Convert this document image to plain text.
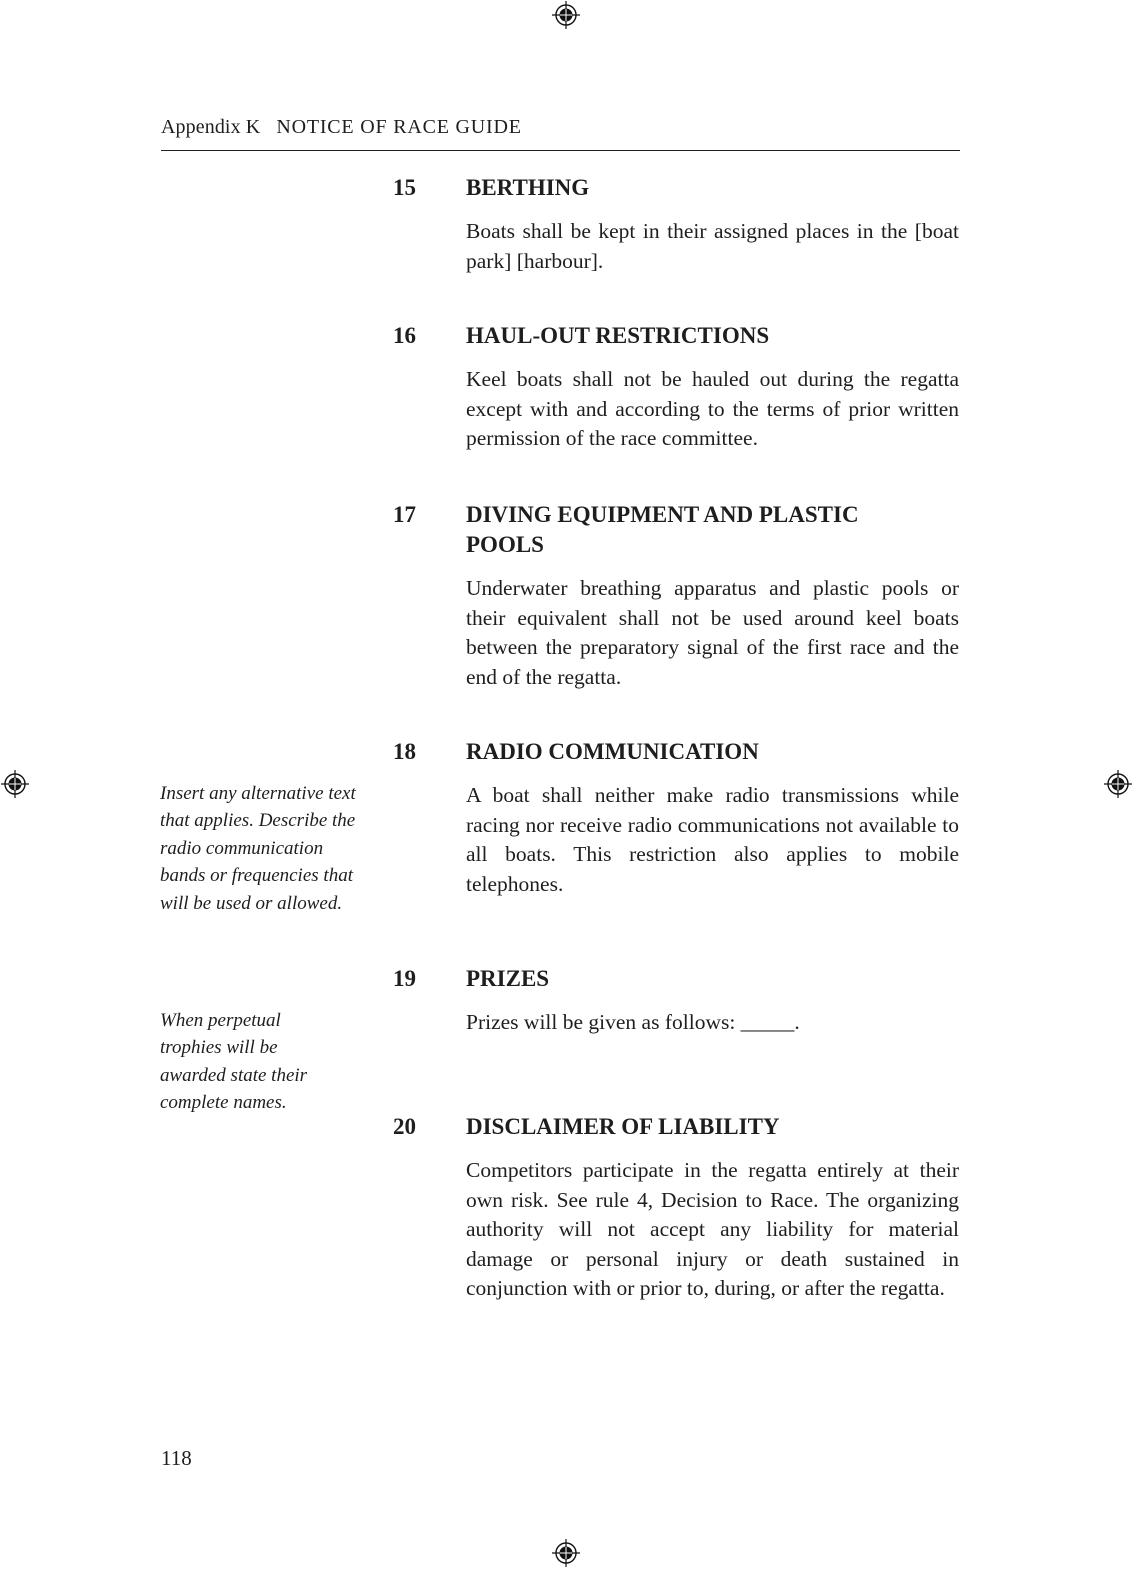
Appendix K NOTICE OF RACE GUIDE
15	BERTHING
Boats shall be kept in their assigned places in the [boat park] [harbour].
16	HAUL-OUT RESTRICTIONS
Keel boats shall not be hauled out during the regatta except with and according to the terms of prior written permission of the race committee.
17	DIVING EQUIPMENT AND PLASTIC POOLS
Underwater breathing apparatus and plastic pools or their equivalent shall not be used around keel boats between the preparatory signal of the first race and the end of the regatta.
18	RADIO COMMUNICATION
A boat shall neither make radio transmissions while racing nor receive radio communications not available to all boats. This restriction also applies to mobile telephones.
19	PRIZES
Prizes will be given as follows: _____.
20	DISCLAIMER OF LIABILITY
Competitors participate in the regatta entirely at their own risk. See rule 4, Decision to Race. The organizing authority will not accept any liability for material damage or personal injury or death sustained in conjunction with or prior to, during, or after the regatta.
Insert any alternative text that applies. Describe the radio communication bands or frequencies that will be used or allowed.
When perpetual trophies will be awarded state their complete names.
118
